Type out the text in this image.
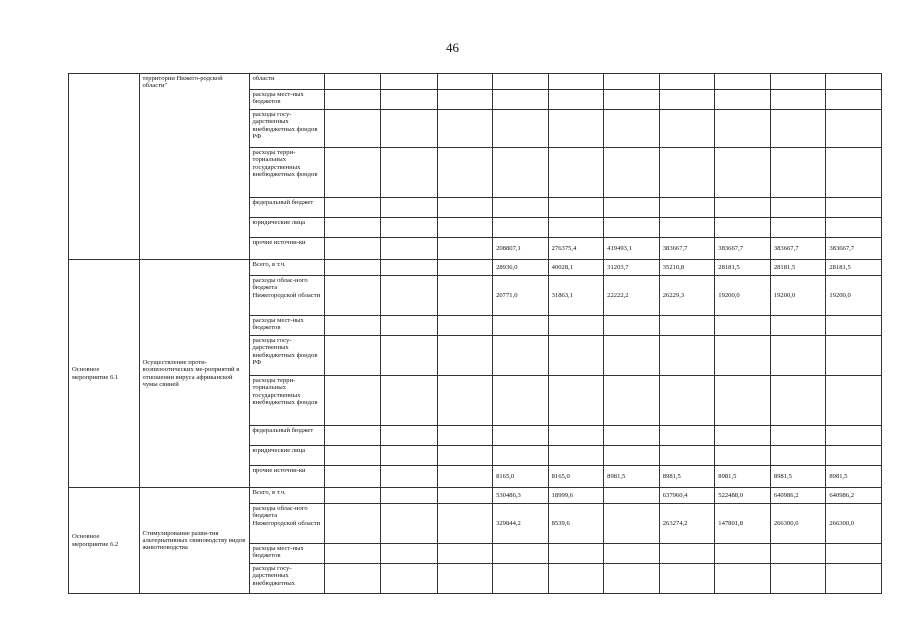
46
	территории Нижего-родской области"	области										
		расходы мест-ных бюджетов										
		расходы госу-дарственных внебюджетных фондов РФ										
		расходы терри-ториальных государственных внебюджетных фондов										
		федеральный бюджет										
		юридические лица										
		прочие источни-ки				208807,1	276375,4	419493,1	383667,7	383667,7	383667,7	383667,7
Основное мероприятие 6.1	Осуществление проти-воэпизоотических ме-роприятий в отношении вируса африканской чумы свиней	Всего, в т.ч.				28936,0	40028,1	31203,7	35210,8	28181,5	28181,5	28181,5
		расходы облас-ного бюджета Нижегородской области				20771,0	31863,1	22222,2	26229,3	19200,0	19200,0	19200,0
		расходы мест-ных бюджетов										
		расходы госу-дарственных внебюджетных фондов РФ										
		расходы терри-ториальных государственных внебюджетных фондов										
		федеральный бюджет										
		юридические лица										
		прочие источни-ки				8165,0	8165,0	8981,5	8981,5	8981,5	8981,5	8981,5
Основное мероприятие 6.2	Стимулирование разви-тия альтернативных свиноводству видов животноводства	Всего, в т.ч.				530486,3	18999,6		637960,4	522488,0	640986,2	640986,2
		расходы облас-ного бюджета Нижегородской области				329844,2	8539,6		263274,2	147801,8	266300,0	266300,0
		расходы мест-ных бюджетов										
		расходы госу-дарственных внебюджетных										
